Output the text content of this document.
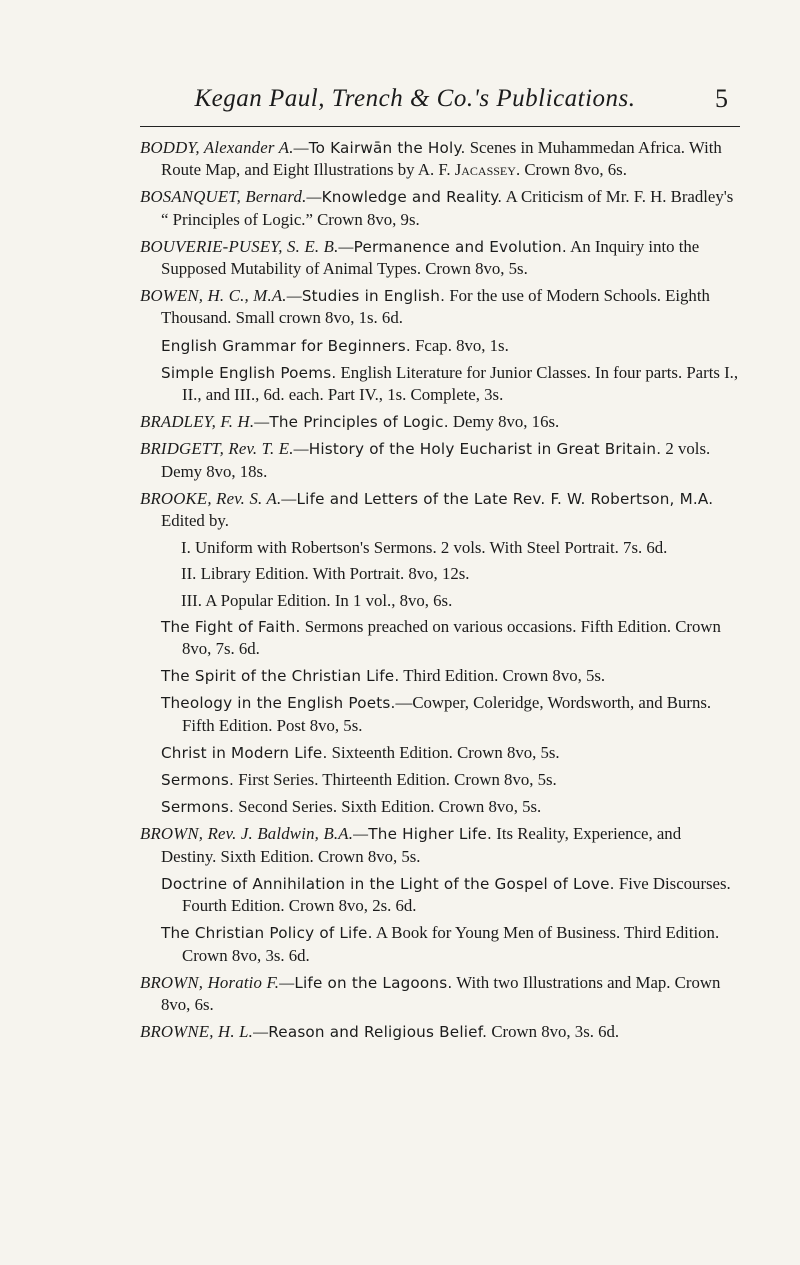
Kegan Paul, Trench & Co.'s Publications.	5

BODDY, Alexander A.—To Kairwān the Holy. Scenes in Muhammedan Africa. With Route Map, and Eight Illustrations by A. F. Jacassey. Crown 8vo, 6s.

BOSANQUET, Bernard.—Knowledge and Reality. A Criticism of Mr. F. H. Bradley's “ Principles of Logic.” Crown 8vo, 9s.

BOUVERIE-PUSEY, S. E. B.—Permanence and Evolution. An Inquiry into the Supposed Mutability of Animal Types. Crown 8vo, 5s.

BOWEN, H. C., M.A.—Studies in English. For the use of Modern Schools. Eighth Thousand. Small crown 8vo, 1s. 6d.

English Grammar for Beginners. Fcap. 8vo, 1s.

Simple English Poems. English Literature for Junior Classes. In four parts. Parts I., II., and III., 6d. each. Part IV., 1s. Complete, 3s.

BRADLEY, F. H.—The Principles of Logic. Demy 8vo, 16s.

BRIDGETT, Rev. T. E.—History of the Holy Eucharist in Great Britain. 2 vols. Demy 8vo, 18s.

BROOKE, Rev. S. A.—Life and Letters of the Late Rev. F. W. Robertson, M.A. Edited by.

I. Uniform with Robertson's Sermons. 2 vols. With Steel Portrait. 7s. 6d.

II. Library Edition. With Portrait. 8vo, 12s.

III. A Popular Edition. In 1 vol., 8vo, 6s.

The Fight of Faith. Sermons preached on various occasions. Fifth Edition. Crown 8vo, 7s. 6d.

The Spirit of the Christian Life. Third Edition. Crown 8vo, 5s.

Theology in the English Poets.—Cowper, Coleridge, Wordsworth, and Burns. Fifth Edition. Post 8vo, 5s.

Christ in Modern Life. Sixteenth Edition. Crown 8vo, 5s.

Sermons. First Series. Thirteenth Edition. Crown 8vo, 5s.

Sermons. Second Series. Sixth Edition. Crown 8vo, 5s.

BROWN, Rev. J. Baldwin, B.A.—The Higher Life. Its Reality, Experience, and Destiny. Sixth Edition. Crown 8vo, 5s.

Doctrine of Annihilation in the Light of the Gospel of Love. Five Discourses. Fourth Edition. Crown 8vo, 2s. 6d.

The Christian Policy of Life. A Book for Young Men of Business. Third Edition. Crown 8vo, 3s. 6d.

BROWN, Horatio F.—Life on the Lagoons. With two Illustrations and Map. Crown 8vo, 6s.

BROWNE, H. L.—Reason and Religious Belief. Crown 8vo, 3s. 6d.
